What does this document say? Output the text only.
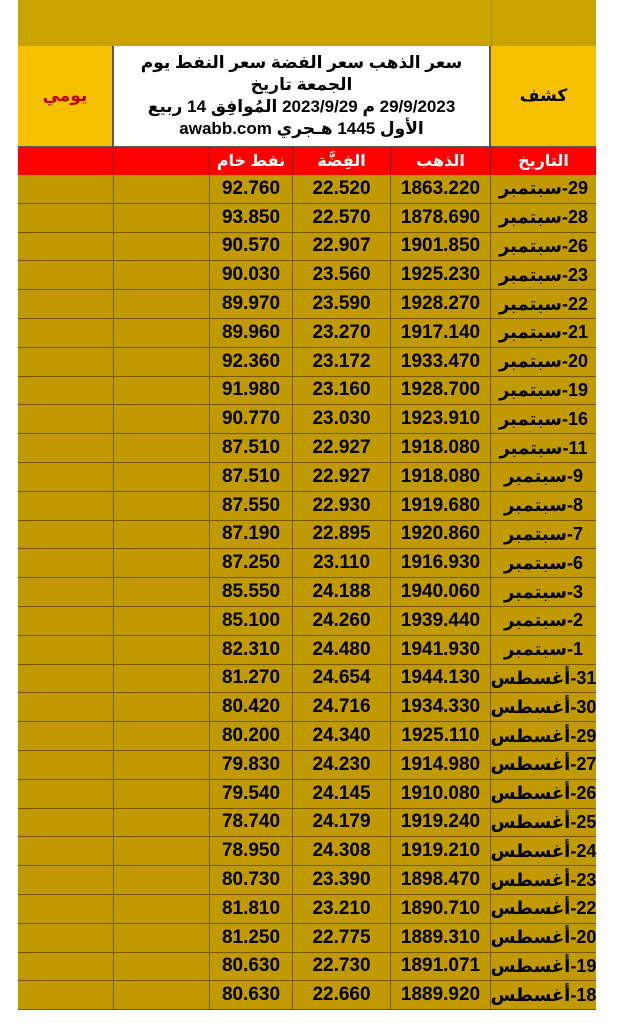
يومي
سعر الذهب سعر الفضة سعر النفط يوم الجمعة تاريخ
29/9/2023 م 2023/9/29 المُوافِق 14 ربيع
الأول 1445 هـجري awabb.com
كشف
نفط خام	الفِضَّة	الذهب	التاريخ
92.760	22.520	1863.220	29-سبتمبر
93.850	22.570	1878.690	28-سبتمبر
90.570	22.907	1901.850	26-سبتمبر
90.030	23.560	1925.230	23-سبتمبر
89.970	23.590	1928.270	22-سبتمبر
89.960	23.270	1917.140	21-سبتمبر
92.360	23.172	1933.470	20-سبتمبر
91.980	23.160	1928.700	19-سبتمبر
90.770	23.030	1923.910	16-سبتمبر
87.510	22.927	1918.080	11-سبتمبر
87.510	22.927	1918.080	9-سبتمبر
87.550	22.930	1919.680	8-سبتمبر
87.190	22.895	1920.860	7-سبتمبر
87.250	23.110	1916.930	6-سبتمبر
85.550	24.188	1940.060	3-سبتمبر
85.100	24.260	1939.440	2-سبتمبر
82.310	24.480	1941.930	1-سبتمبر
81.270	24.654	1944.130 31-أغسطس
80.420	24.716	1934.330 30-أغسطس
80.200	24.340	1925.110 29-أغسطس
79.830	24.230	1914.980 27-أغسطس
79.540	24.145	1910.080 26-أغسطس
78.740	24.179	1919.240 25-أغسطس
78.950	24.308	1919.210 24-أغسطس
80.730	23.390	1898.470 23-أغسطس
81.810	23.210	1890.710 22-أغسطس
81.250	22.775	1889.310 20-أغسطس
80.630	22.730	1891.071 19-أغسطس
80.630	22.660	1889.920 18-أغسطس
